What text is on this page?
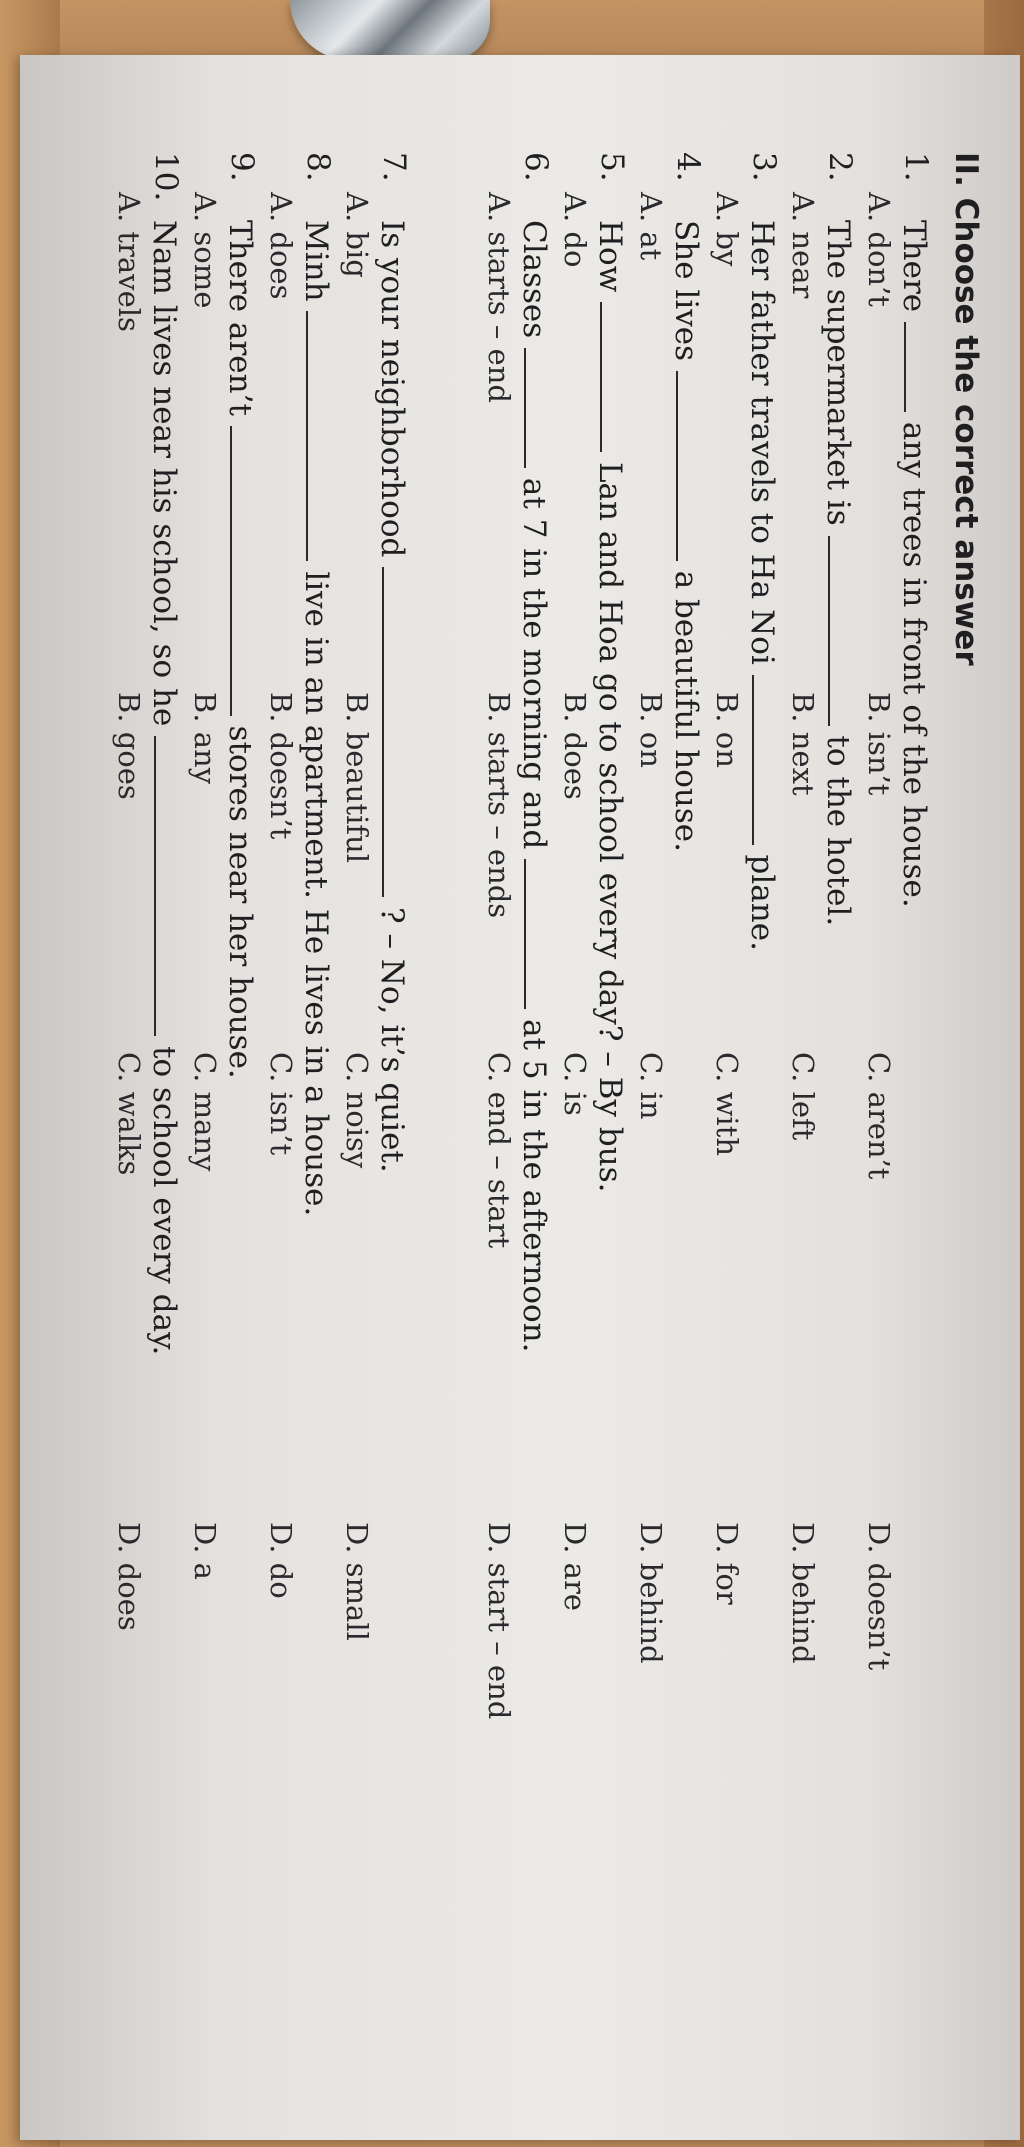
II. Choose the correct answer
1.
There  any trees in front of the house.
A. don’t
B. isn’t
C. aren’t
D. doesn’t
2.
The supermarket is  to the hotel.
A. near
B. next
C. left
D. behind
3.
Her father travels to Ha Noi  plane.
A. by
B. on
C. with
D. for
4.
She lives  a beautiful house.
A. at
B. on
C. in
D. behind
5.
How  Lan and Hoa go to school every day? – By bus.
A. do
B. does
C. is
D. are
6.
Classes  at 7 in the morning and  at 5 in the afternoon.
A. starts – end
B. starts – ends
C. end – start
D. start – end
7.
Is your neighborhood  ? – No, it’s quiet.
A. big
B. beautiful
C. noisy
D. small
8.
Minh  live in an apartment. He lives in a house.
A. does
B. doesn’t
C. isn’t
D. do
9.
There aren’t  stores near her house.
A. some
B. any
C. many
D. a
10.
Nam lives near his school, so he  to school every day.
A. travels
B. goes
C. walks
D. does
